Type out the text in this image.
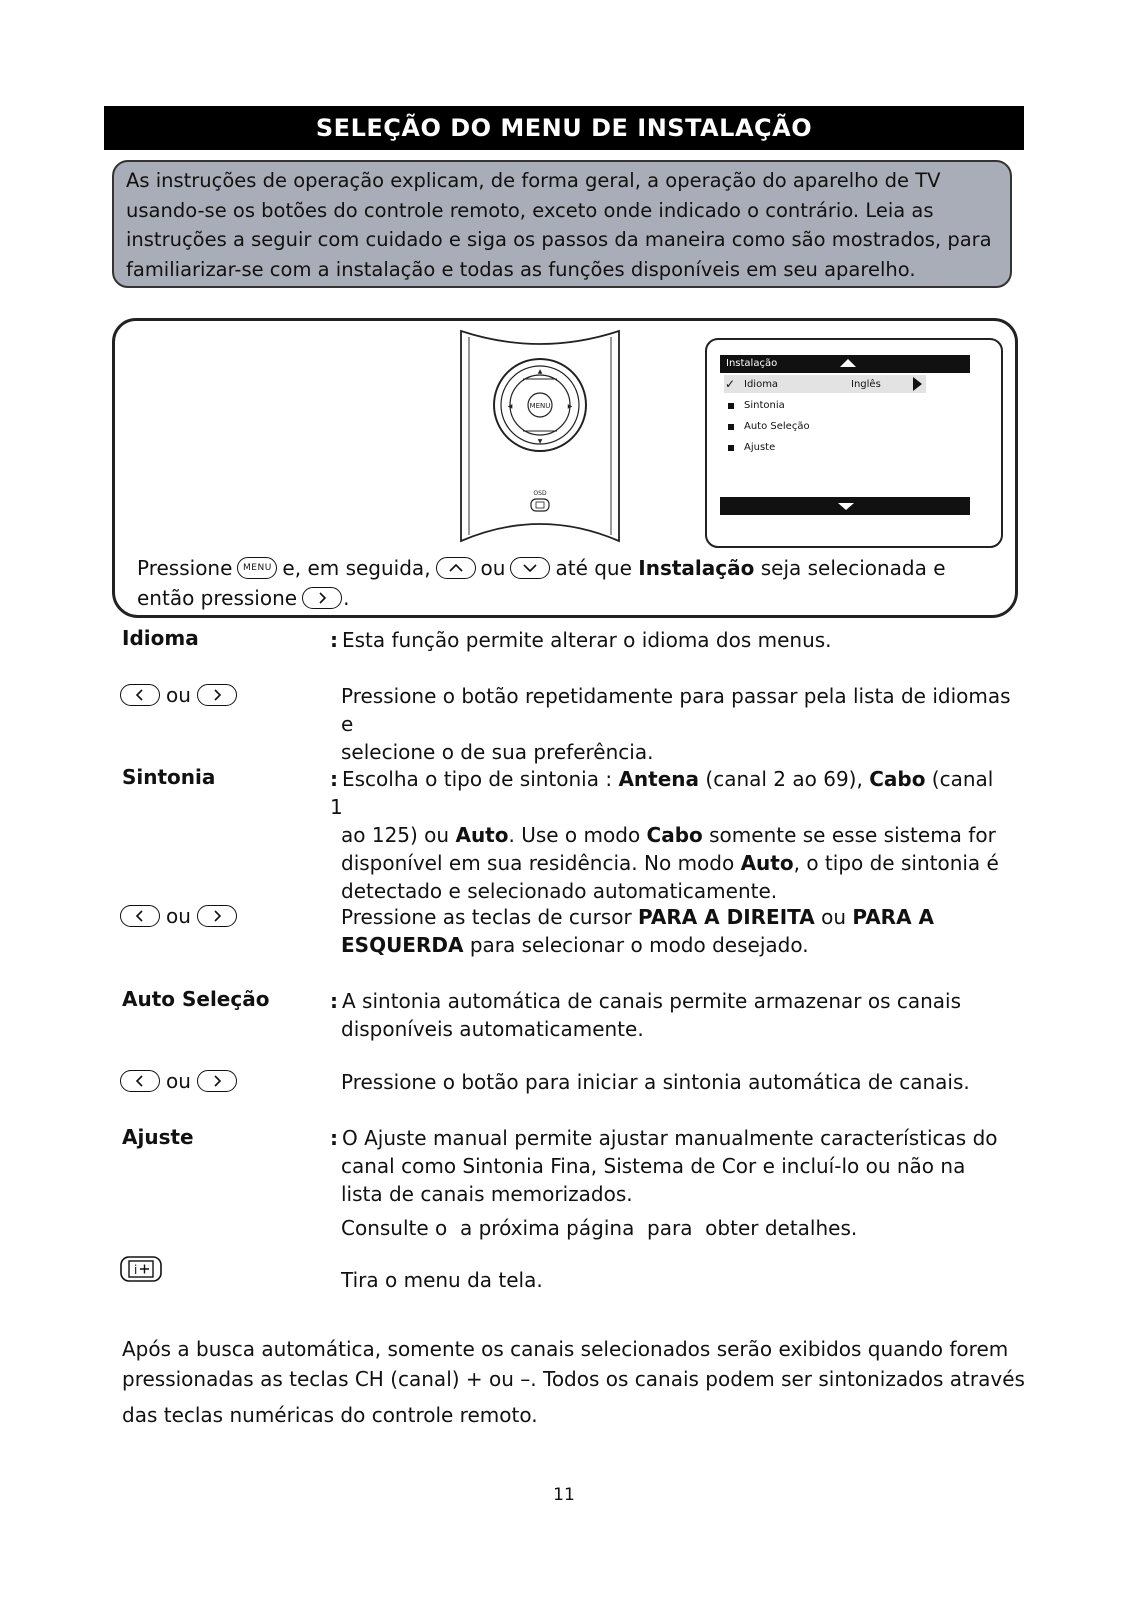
SELEÇÃO DO MENU DE INSTALAÇÃO

As instruções de operação explicam, de forma geral, a operação do aparelho de TV

usando-se os botões do controle remoto, exceto onde indicado o contrário. Leia as

instruções a seguir com cuidado e siga os passos da maneira como são mostrados, para

familiarizar-se com a instalação e todas as funções disponíveis em seu aparelho.

MENU
▲
▼
◀	▶
OSD
Instalação
✓ Idioma	Inglês
Sintonia
Auto Seleção
Ajuste
Pressione MENU e, em seguida,	ou	até que
Instalação
seja selecionada e
então pressione .
Idioma	: Esta função permite alterar o idioma dos menus.
ou	Pressione o botão repetidamente para passar pela lista de idiomas e
selecione o de sua preferência.
Sintonia	: Escolha o tipo de sintonia : Antena (canal 2 ao 69), Cabo (canal 1
ao 125) ou Auto. Use o modo Cabo somente se esse sistema for
disponível em sua residência. No modo Auto, o tipo de sintonia é
detectado e selecionado automaticamente.
ou	Pressione as teclas de cursor PARA A DIREITA ou PARA A
ESQUERDA para selecionar o modo desejado.
Auto Seleção	: A sintonia automática de canais permite armazenar os canais
disponíveis automaticamente.
ou	Pressione o botão para iniciar a sintonia automática de canais.
Ajuste	: O Ajuste manual permite ajustar manualmente características do
canal como Sintonia Fina, Sistema de Cor e incluí-lo ou não na
lista de canais memorizados.
Consulte o  a próxima página  para  obter detalhes.
i	Tira o menu da tela.

Após a busca automática, somente os canais selecionados serão exibidos quando forem

pressionadas as teclas CH (canal) + ou –. Todos os canais podem ser sintonizados através

das teclas numéricas do controle remoto.

11
